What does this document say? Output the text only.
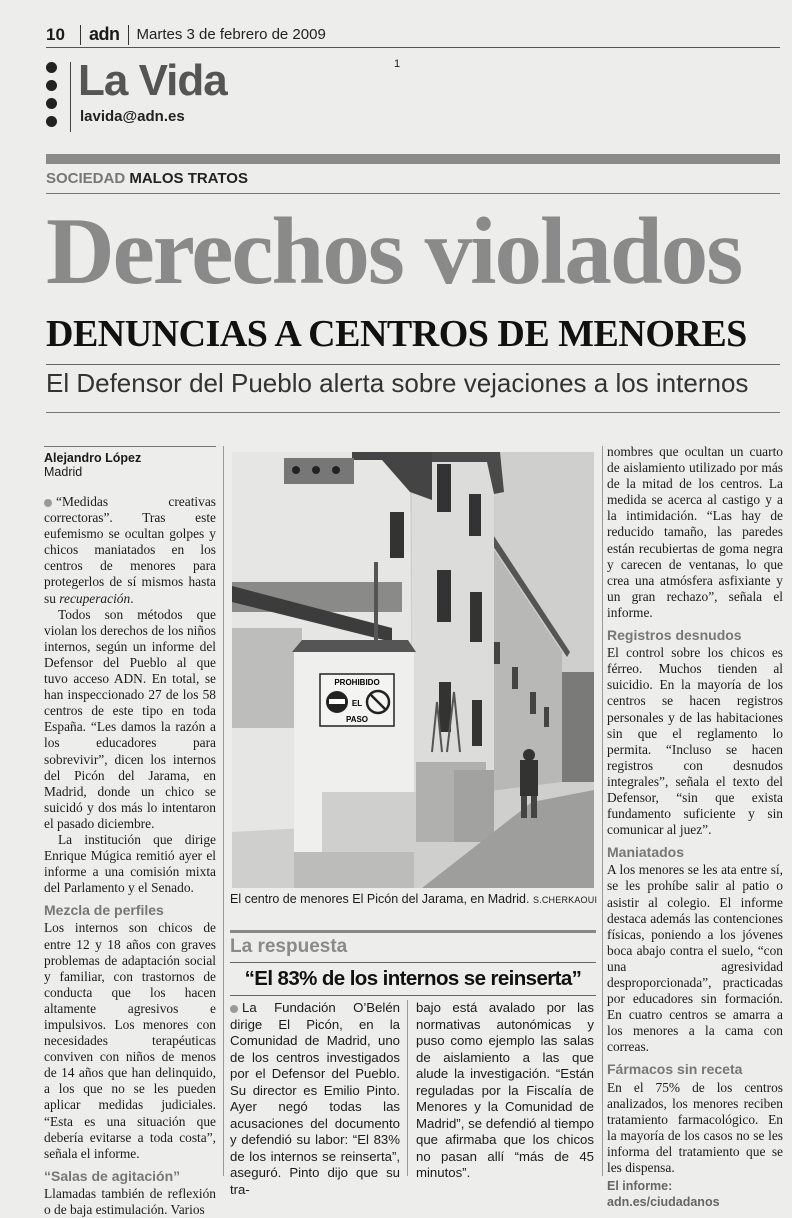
10	adn Martes 3 de febrero de 2009
La Vida
lavida@adn.es
1
SOCIEDAD MALOS TRATOS
Derechos violados
DENUNCIAS A CENTROS DE MENORES
El Defensor del Pueblo alerta sobre vejaciones a los internos
Alejandro López
Madrid

“Medidas creativas correctoras”. Tras este eufemismo se ocultan golpes y chicos maniatados en los centros de menores para protegerlos de sí mismos hasta su recuperación.

Todos son métodos que violan los derechos de los niños internos, según un informe del Defensor del Pueblo al que tuvo acceso ADN. En total, se han inspeccionado 27 de los 58 centros de este tipo en toda España. “Les damos la razón a los educadores para sobrevivir”, dicen los internos del Picón del Jarama, en Madrid, donde un chico se suicidó y dos más lo intentaron el pasado diciembre.

La institución que dirige Enrique Múgica remitió ayer el informe a una comisión mixta del Parlamento y el Senado.

Mezcla de perfiles

Los internos son chicos de entre 12 y 18 años con graves problemas de adaptación social y familiar, con trastornos de conducta que los hacen altamente agresivos e impulsivos. Los menores con necesidades terapéuticas conviven con niños de menos de 14 años que han delinquido, a los que no se les pueden aplicar medidas judiciales. “Esta es una situación que debería evitarse a toda costa”, señala el informe.

“Salas de agitación”

Llamadas también de reflexión o de baja estimulación. Varios

PROHIBIDO
EL
PASO
El centro de menores El Picón del Jarama, en Madrid. S.CHERKAOUI
La respuesta
“El 83% de los internos se reinserta”
La Fundación O’Belén dirige El Picón, en la Comunidad de Madrid, uno de los centros investigados por el Defensor del Pueblo. Su director es Emilio Pinto. Ayer negó todas las acusaciones del documento y defendió su labor: “El 83% de los internos se reinserta”, aseguró. Pinto dijo que su tra-
bajo está avalado por las normativas autonómicas y puso como ejemplo las salas de aislamiento a las que alude la investigación. “Están reguladas por la Fiscalía de Menores y la Comunidad de Madrid”, se defendió al tiempo que afirmaba que los chicos no pasan allí “más de 45 minutos”.

nombres que ocultan un cuarto de aislamiento utilizado por más de la mitad de los centros. La medida se acerca al castigo y a la intimidación. “Las hay de reducido tamaño, las paredes están recubiertas de goma negra y carecen de ventanas, lo que crea una atmósfera asfixiante y un gran rechazo”, señala el informe.

Registros desnudos

El control sobre los chicos es férreo. Muchos tienden al suicidio. En la mayoría de los centros se hacen registros personales y de las habitaciones sin que el reglamento lo permita. “Incluso se hacen registros con desnudos integrales”, señala el texto del Defensor, “sin que exista fundamento suficiente y sin comunicar al juez”.

Maniatados

A los menores se les ata entre sí, se les prohíbe salir al patio o asistir al colegio. El informe destaca además las contenciones físicas, poniendo a los jóvenes boca abajo contra el suelo, “con una agresividad desproporcionada”, practicadas por educadores sin formación. En cuatro centros se amarra a los menores a la cama con correas.

Fármacos sin receta

En el 75% de los centros analizados, los menores reciben tratamiento farmacológico. En la mayoría de los casos no se les informa del tratamiento que se les dispensa.

El informe: adn.es/ciudadanos
